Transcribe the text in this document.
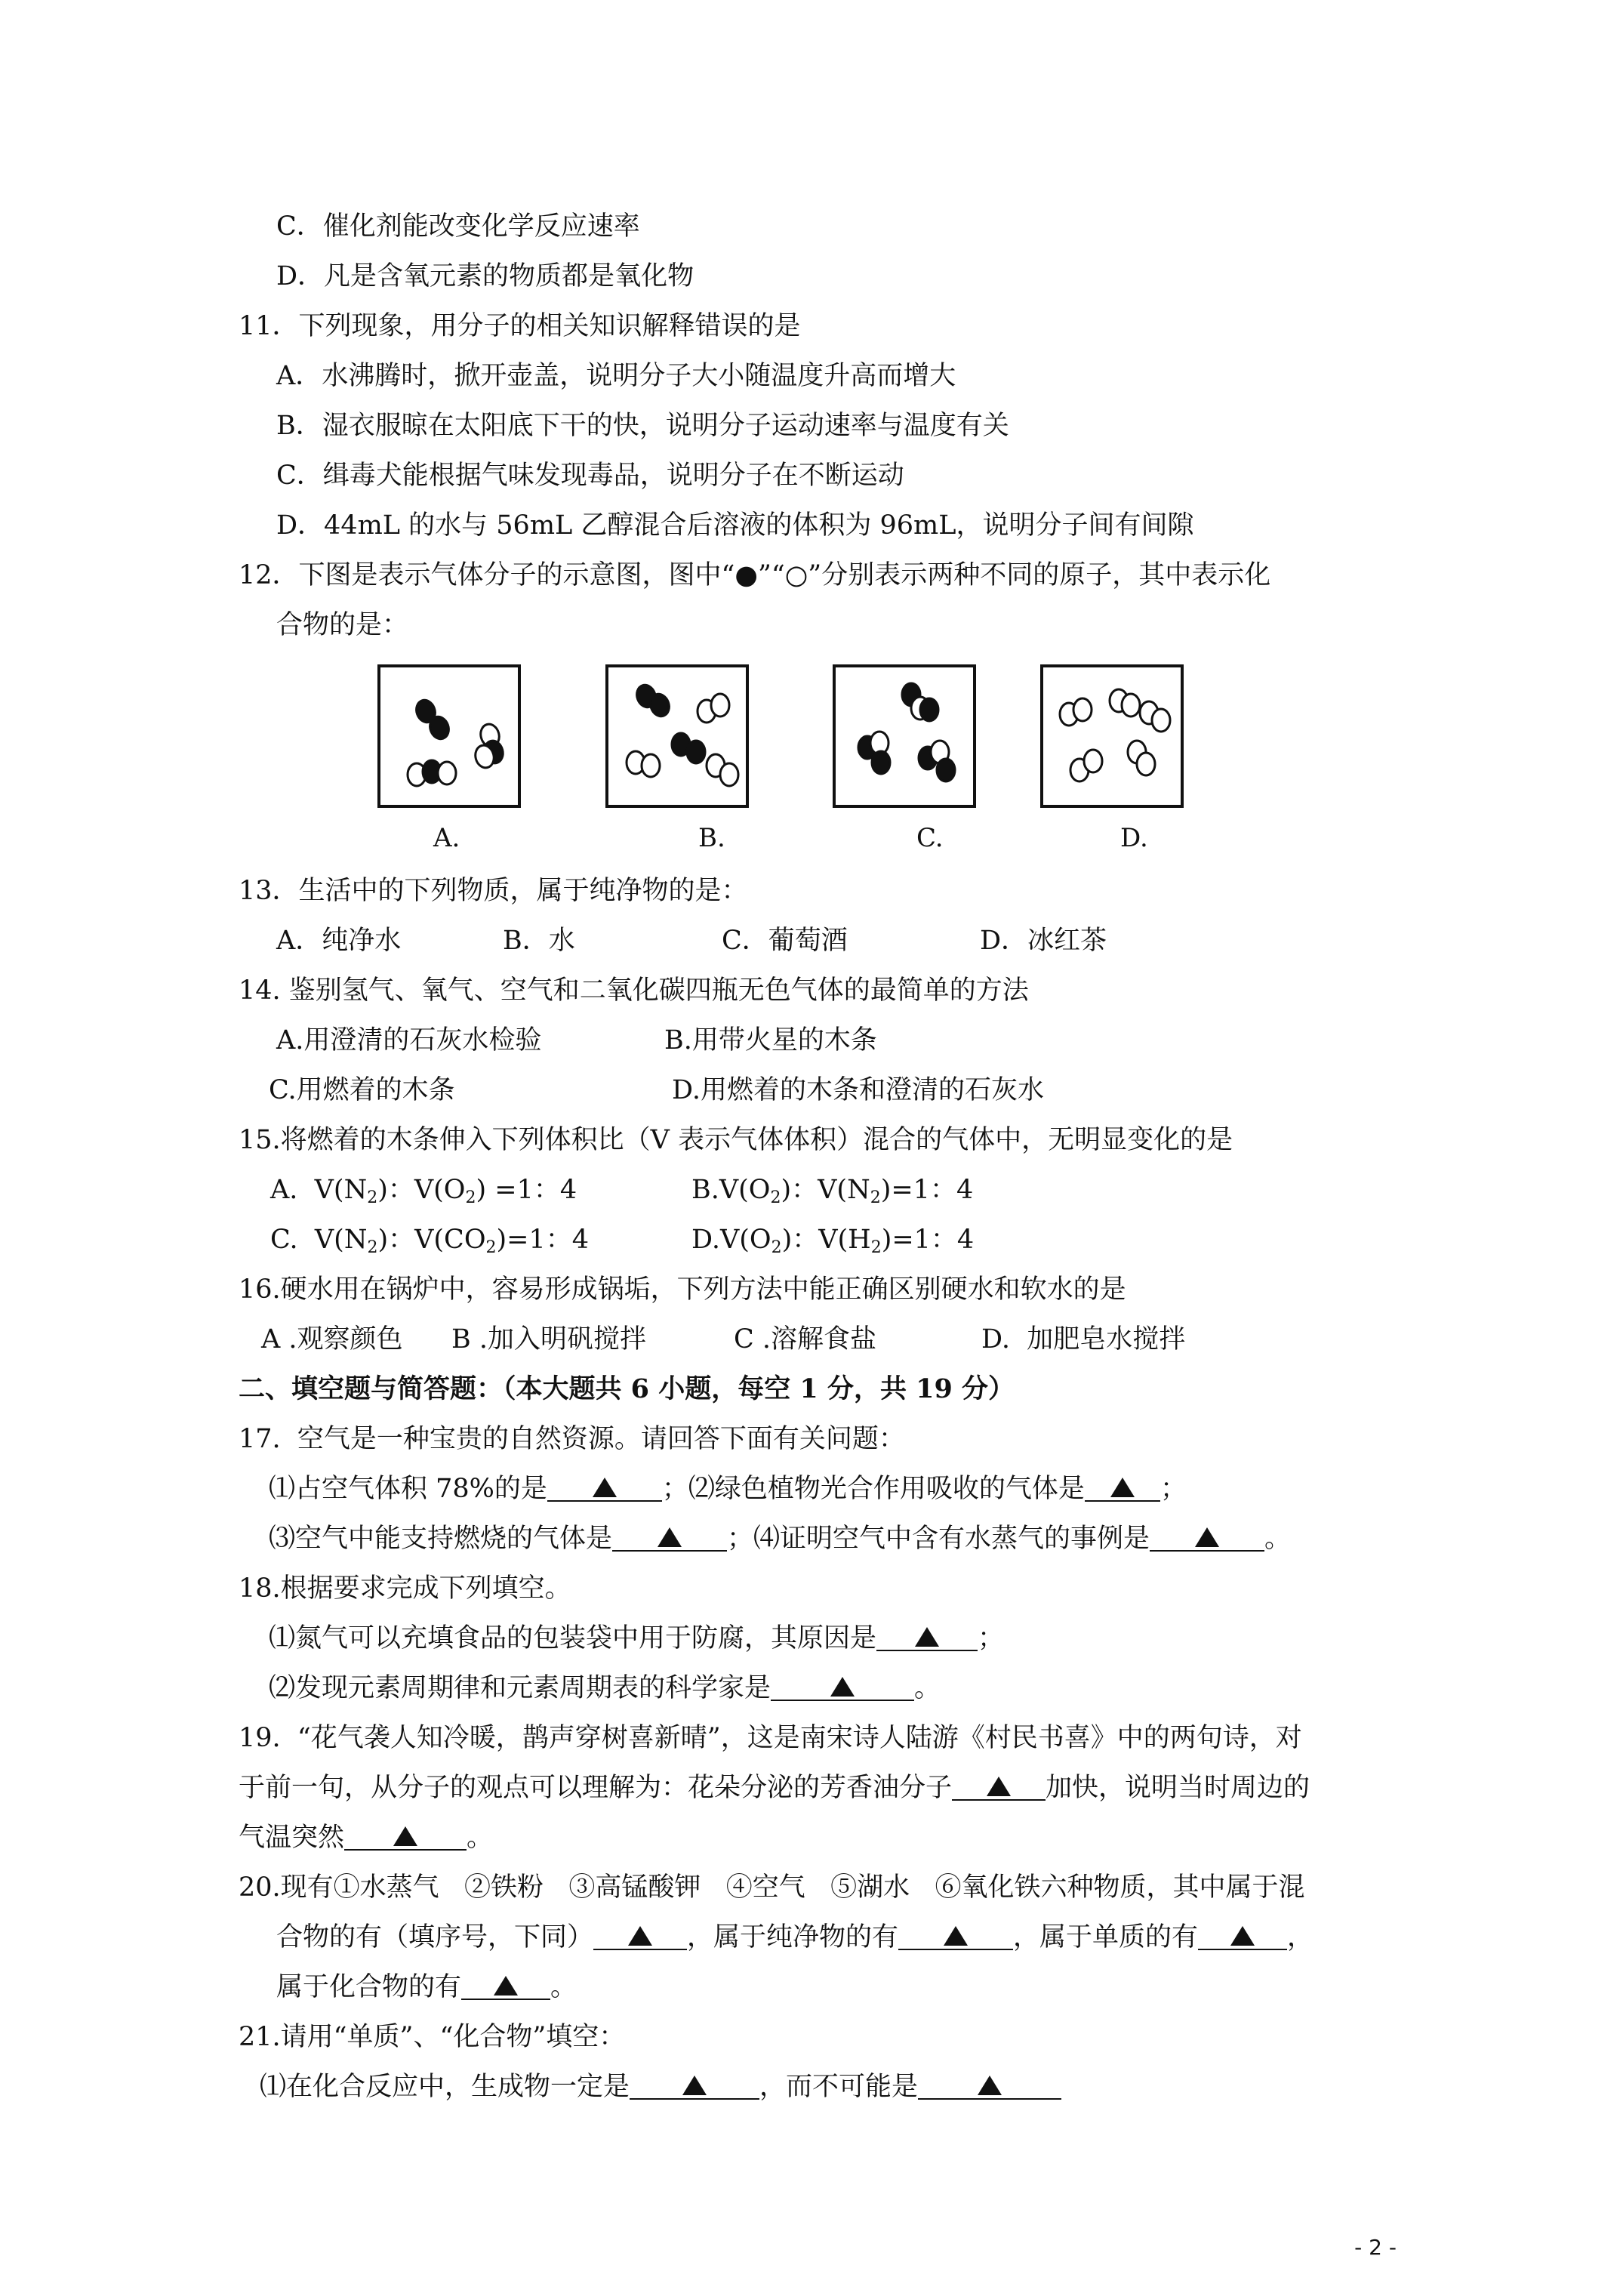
C．催化剂能改变化学反应速率
D．凡是含氧元素的物质都是氧化物
11．下列现象，用分子的相关知识解释错误的是
A．水沸腾时，掀开壶盖，说明分子大小随温度升高而增大
B．湿衣服晾在太阳底下干的快，说明分子运动速率与温度有关
C．缉毒犬能根据气味发现毒品，说明分子在不断运动
D．44mL 的水与 56mL 乙醇混合后溶液的体积为 96mL，说明分子间有间隙
12．下图是表示气体分子的示意图，图中“●”“○”分别表示两种不同的原子，其中表示化
合物的是：
A.	B.	C.	D.
13．生活中的下列物质，属于纯净物的是：
A．纯净水	B．水	C．葡萄酒	D．冰红茶
14. 鉴别氢气、氧气、空气和二氧化碳四瓶无色气体的最简单的方法
A.用澄清的石灰水检验	B.用带火星的木条
C.用燃着的木条	D.用燃着的木条和澄清的石灰水
15.将燃着的木条伸入下列体积比（V 表示气体体积）混合的气体中，无明显变化的是
A.  $V(N_2)$：$V(O_2) =1$：4	$B.V(O_2)$：$V(N_2)=1$：4
C.  $V(N_2)$：$V(CO_2)=1$：4	$D.V(O_2)$：$V(H_2)=1$：4
16.硬水用在锅炉中，容易形成锅垢，下列方法中能正确区别硬水和软水的是
A .观察颜色 B .加入明矾搅拌	C .溶解食盐	D.  加肥皂水搅拌
二、填空题与简答题：（本大题共 6 小题，每空 1 分，共 19 分）
17.  空气是一种宝贵的自然资源。请回答下面有关问题：
⑴占空气体积 78%的是	；⑵绿色植物光合作用吸收的气体是	；
⑶空气中能支持燃烧的气体是	；⑷证明空气中含有水蒸气的事例是	。
18.根据要求完成下列填空。
⑴氮气可以充填食品的包装袋中用于防腐，其原因是	；
⑵发现元素周期律和元素周期表的科学家是	。
19.  “花气袭人知冷暖，鹊声穿树喜新晴”，这是南宋诗人陆游《村民书喜》中的两句诗，对
于前一句，从分子的观点可以理解为：花朵分泌的芳香油分子	加快，说明当时周边的
气温突然	。
20.现有①水蒸气   ②铁粉   ③高锰酸钾   ④空气   ⑤湖水   ⑥氧化铁六种物质，其中属于混
合物的有（填序号，下同）	，属于纯净物的有	，属于单质的有	，
属于化合物的有	。
21.请用“单质”、“化合物”填空：
⑴在化合反应中，生成物一定是	，而不可能是
- 2 -
